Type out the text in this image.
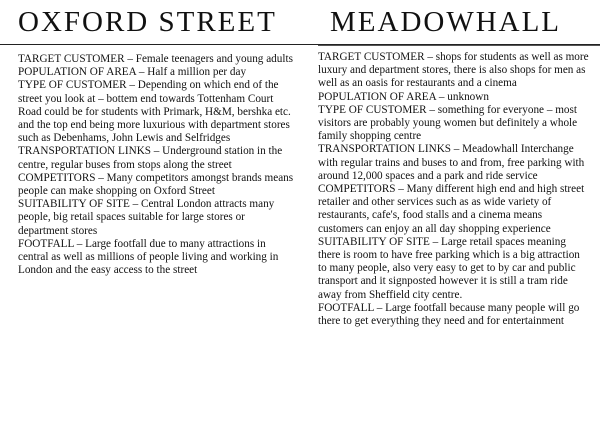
OXFORD STREET

TARGET CUSTOMER – Female teenagers and young adults

POPULATION OF AREA – Half a million per day

TYPE OF CUSTOMER – Depending on which end of the street you look at – bottem end towards Tottenham Court Road could be for students with Primark, H&M, bershka etc. and the top end being more luxurious with department stores such as Debenhams, John Lewis and Selfridges

TRANSPORTATION LINKS – Underground station in the centre, regular buses from stops along the street

COMPETITORS – Many competitors amongst brands means people can make shopping on Oxford Street

SUITABILITY OF SITE – Central London attracts many people, big retail spaces suitable for large stores or department stores

FOOTFALL – Large footfall due to many attractions in central as well as millions of people living and working in London and the easy access to the street

MEADOWHALL

TARGET CUSTOMER – shops for students as well as more luxury and department stores, there is also shops for men as well as an oasis for restaurants and a cinema

POPULATION OF AREA – unknown

TYPE OF CUSTOMER – something for everyone – most visitors are probably young women but definitely a whole family shopping centre

TRANSPORTATION LINKS – Meadowhall Interchange with regular trains and buses to and from, free parking with around 12,000 spaces and a park and ride service

COMPETITORS – Many different high end and high street retailer and other services such as as wide variety of restaurants, cafe's, food stalls and a cinema means customers can enjoy an all day shopping experience

SUITABILITY OF SITE – Large retail spaces meaning there is room to have free parking which is a big attraction to many people, also very easy to get to by car and public transport and it signposted however it is still a tram ride away from Sheffield city centre.

FOOTFALL – Large footfall because many people will go there to get everything they need and for entertainment
